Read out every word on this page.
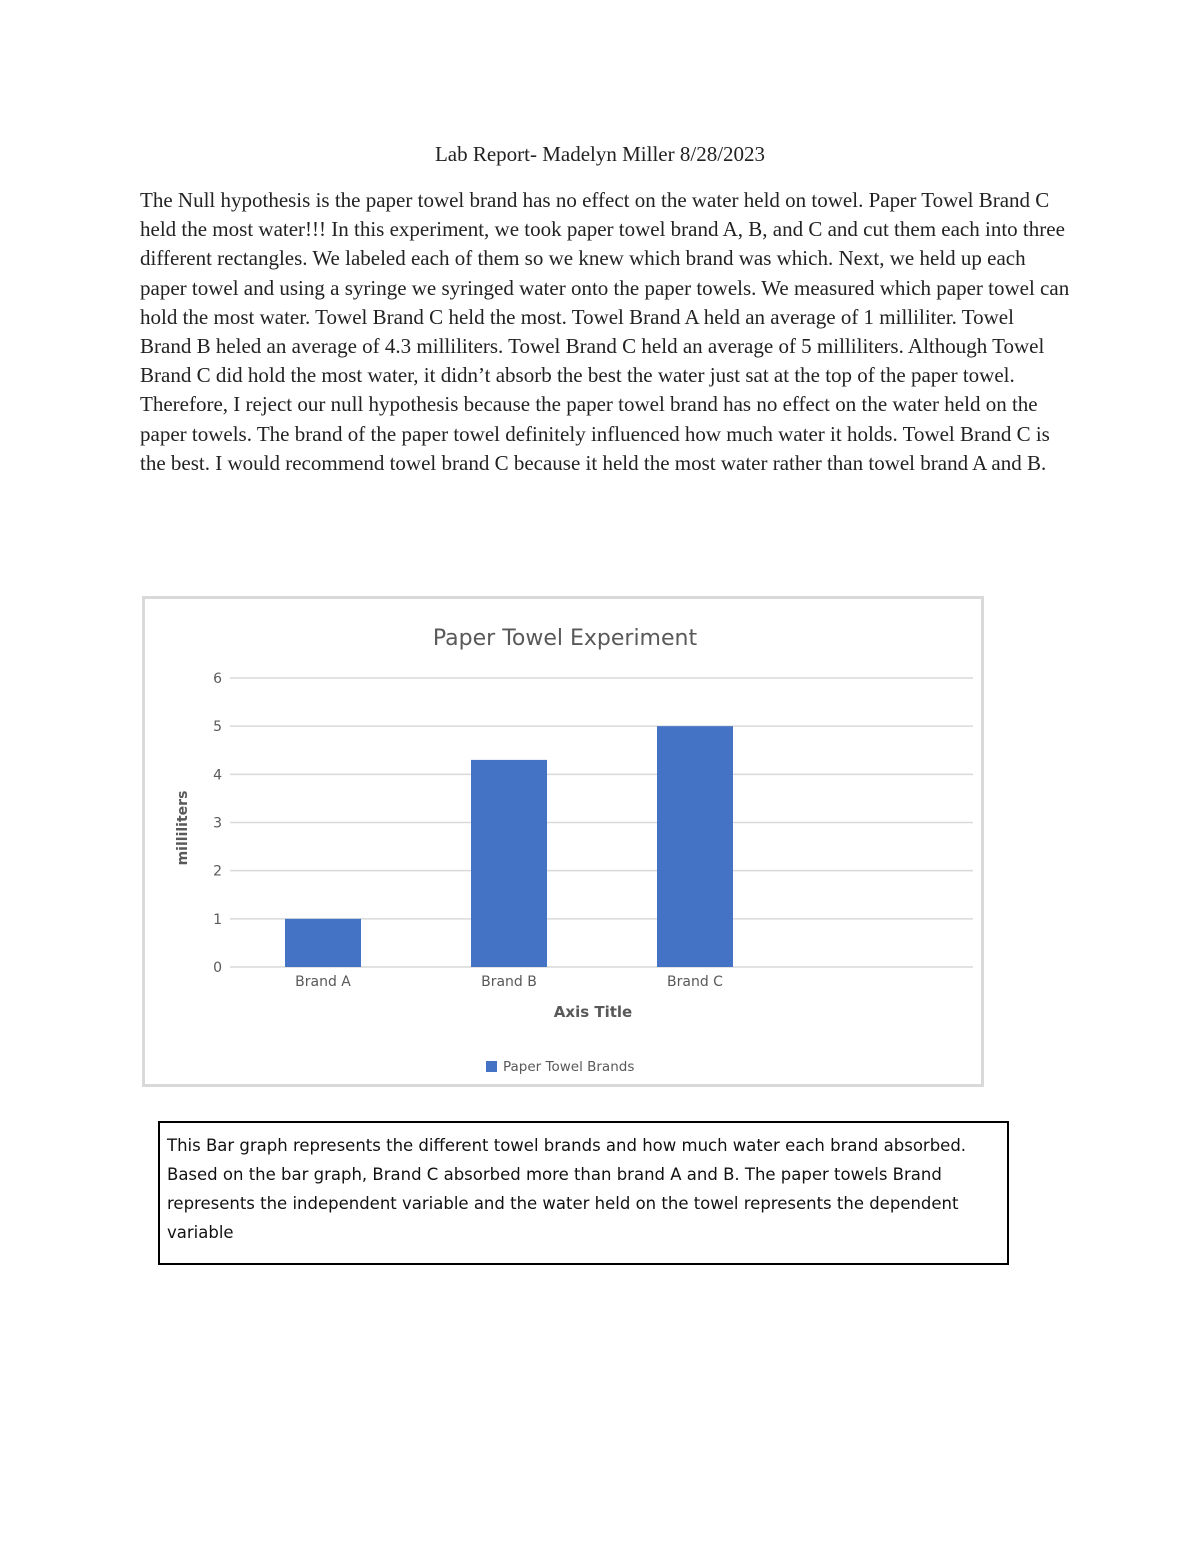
Lab Report- Madelyn Miller 8/28/2023
The Null hypothesis is the paper towel brand has no effect on the water held on towel. Paper Towel Brand C held the most water!!! In this experiment, we took paper towel brand A, B, and C and cut them each into three different rectangles. We labeled each of them so we knew which brand was which. Next, we held up each paper towel and using a syringe we syringed water onto the paper towels. We measured which paper towel can hold the most water. Towel Brand C held the most. Towel Brand A held an average of 1 milliliter. Towel Brand B heled an average of 4.3 milliliters. Towel Brand C held an average of 5 milliliters. Although Towel Brand C did hold the most water, it didn’t absorb the best the water just sat at the top of the paper towel. Therefore, I reject our null hypothesis because the paper towel brand has no effect on the water held on the paper towels. The brand of the paper towel definitely influenced how much water it holds. Towel Brand C is the best. I would recommend towel brand C because it held the most water rather than towel brand A and B.
Paper Towel Experiment
0
1
2
3
4
5
6
Brand A	Brand B	Brand C
milliliters
Axis Title
Paper Towel Brands
This Bar graph represents the different towel brands and how much water each brand absorbed. Based on the bar graph, Brand C absorbed more than brand A and B. The paper towels Brand represents the independent variable and the water held on the towel represents the dependent variable
